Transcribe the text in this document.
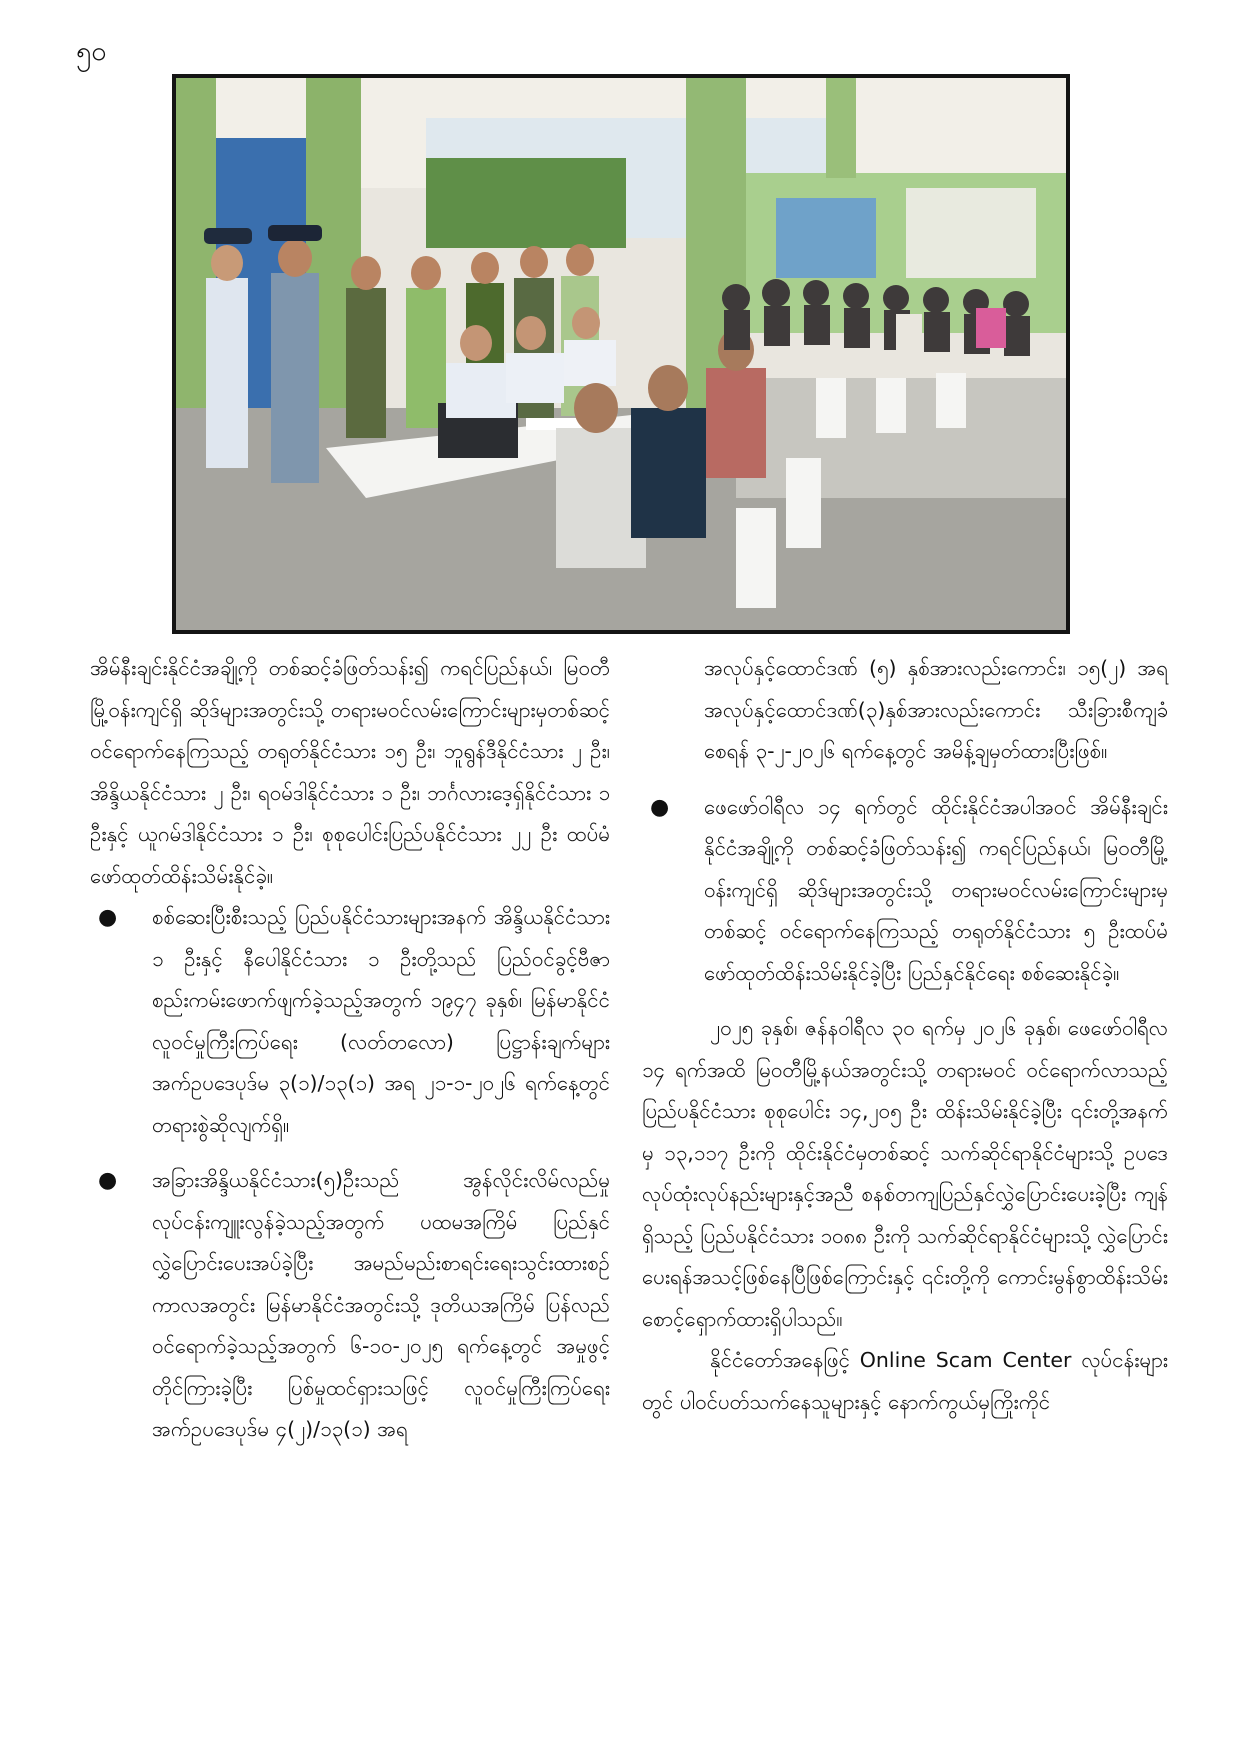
၅၀

အိမ်နီးချင်းနိုင်ငံအချို့ကို တစ်ဆင့်ခံဖြတ်သန်း၍ ကရင်ပြည်နယ်၊ မြဝတီမြို့ဝန်းကျင်ရှိ ဆိုဒ်များအတွင်းသို့ တရားမဝင်လမ်းကြောင်းများမှတစ်ဆင့် ဝင်ရောက်နေကြသည့် တရုတ်နိုင်ငံသား ၁၅ ဦး၊ ဘူရွန်ဒီနိုင်ငံသား ၂ ဦး၊ အိန္ဒိယနိုင်ငံသား ၂ ဦး၊ ရဝမ်ဒါနိုင်ငံသား ၁ ဦး၊ ဘင်္ဂလားဒေ့ရှ်နိုင်ငံသား ၁ ဦးနှင့် ယူဂမ်ဒါနိုင်ငံသား ၁ ဦး၊ စုစုပေါင်းပြည်ပနိုင်ငံသား ၂၂ ဦး ထပ်မံဖော်ထုတ်ထိန်းသိမ်းနိုင်ခဲ့။

● စစ်ဆေးပြီးစီးသည့် ပြည်ပနိုင်ငံသားများအနက် အိန္ဒိယနိုင်ငံသား ၁ ဦးနှင့် နီပေါနိုင်ငံသား ၁ ဦးတို့သည် ပြည်ဝင်ခွင့်ဗီဇာစည်းကမ်းဖောက်ဖျက်ခဲ့သည့်အတွက် ၁၉၄၇ ခုနှစ်၊ မြန်မာနိုင်ငံလူဝင်မှုကြီးကြပ်ရေး (လတ်တလော) ပြဋ္ဌာန်းချက်များ အက်ဥပဒေပုဒ်မ ၃(၁)/၁၃(၁) အရ ၂၁-၁-၂၀၂၆ ရက်နေ့တွင် တရားစွဲဆိုလျက်ရှိ။
● အခြားအိန္ဒိယနိုင်ငံသား(၅)ဦးသည် အွန်လိုင်းလိမ်လည်မှုလုပ်ငန်းကျူးလွန်ခဲ့သည့်အတွက် ပထမအကြိမ် ပြည်နှင်လွှဲပြောင်းပေးအပ်ခဲ့ပြီး အမည်မည်းစာရင်းရေးသွင်းထားစဉ်ကာလအတွင်း မြန်မာနိုင်ငံအတွင်းသို့ ဒုတိယအကြိမ် ပြန်လည်ဝင်ရောက်ခဲ့သည့်အတွက် ၆-၁၀-၂၀၂၅ ရက်နေ့တွင် အမှုဖွင့်တိုင်ကြားခဲ့ပြီး ပြစ်မှုထင်ရှားသဖြင့် လူဝင်မှုကြီးကြပ်ရေးအက်ဥပဒေပုဒ်မ ၄(၂)/၁၃(၁) အရ

အလုပ်နှင့်ထောင်ဒဏ် (၅) နှစ်အားလည်းကောင်း၊ ၁၅(၂) အရ အလုပ်နှင့်ထောင်ဒဏ်(၃)နှစ်အားလည်းကောင်း သီးခြားစီကျခံစေရန် ၃-၂-၂၀၂၆ ရက်နေ့တွင် အမိန့်ချမှတ်ထားပြီးဖြစ်။

● ဖေဖော်ဝါရီလ ၁၄ ရက်တွင် ထိုင်းနိုင်ငံအပါအဝင် အိမ်နီးချင်းနိုင်ငံအချို့ကို တစ်ဆင့်ခံဖြတ်သန်း၍ ကရင်ပြည်နယ်၊ မြဝတီမြို့ဝန်းကျင်ရှိ ဆိုဒ်များအတွင်းသို့ တရားမဝင်လမ်းကြောင်းများမှတစ်ဆင့် ဝင်ရောက်နေကြသည့် တရုတ်နိုင်ငံသား ၅ ဦးထပ်မံဖော်ထုတ်ထိန်းသိမ်းနိုင်ခဲ့ပြီး ပြည်နှင်နိုင်ရေး စစ်ဆေးနိုင်ခဲ့။

၂၀၂၅ ခုနှစ်၊ ဇန်နဝါရီလ ၃၀ ရက်မှ ၂၀၂၆ ခုနှစ်၊ ဖေဖော်ဝါရီလ ၁၄ ရက်အထိ မြဝတီမြို့နယ်အတွင်းသို့ တရားမဝင် ဝင်ရောက်လာသည့် ပြည်ပနိုင်ငံသား စုစုပေါင်း ၁၄,၂၀၅ ဦး ထိန်းသိမ်းနိုင်ခဲ့ပြီး ၎င်းတို့အနက်မှ ၁၃,၁၁၇ ဦးကို ထိုင်းနိုင်ငံမှတစ်ဆင့် သက်ဆိုင်ရာနိုင်ငံများသို့ ဥပဒေလုပ်ထုံးလုပ်နည်းများနှင့်အညီ စနစ်တကျပြည်နှင်လွှဲပြောင်းပေးခဲ့ပြီး ကျန်ရှိသည့် ပြည်ပနိုင်ငံသား ၁၀၈၈ ဦးကို သက်ဆိုင်ရာနိုင်ငံများသို့ လွှဲပြောင်းပေးရန်အသင့်ဖြစ်နေပြီဖြစ်ကြောင်းနှင့် ၎င်းတို့ကို ကောင်းမွန်စွာထိန်းသိမ်းစောင့်ရှောက်ထားရှိပါသည်။

နိုင်ငံတော်အနေဖြင့် Online Scam Center လုပ်ငန်းများတွင် ပါဝင်ပတ်သက်နေသူများနှင့် နောက်ကွယ်မှကြိုးကိုင်
